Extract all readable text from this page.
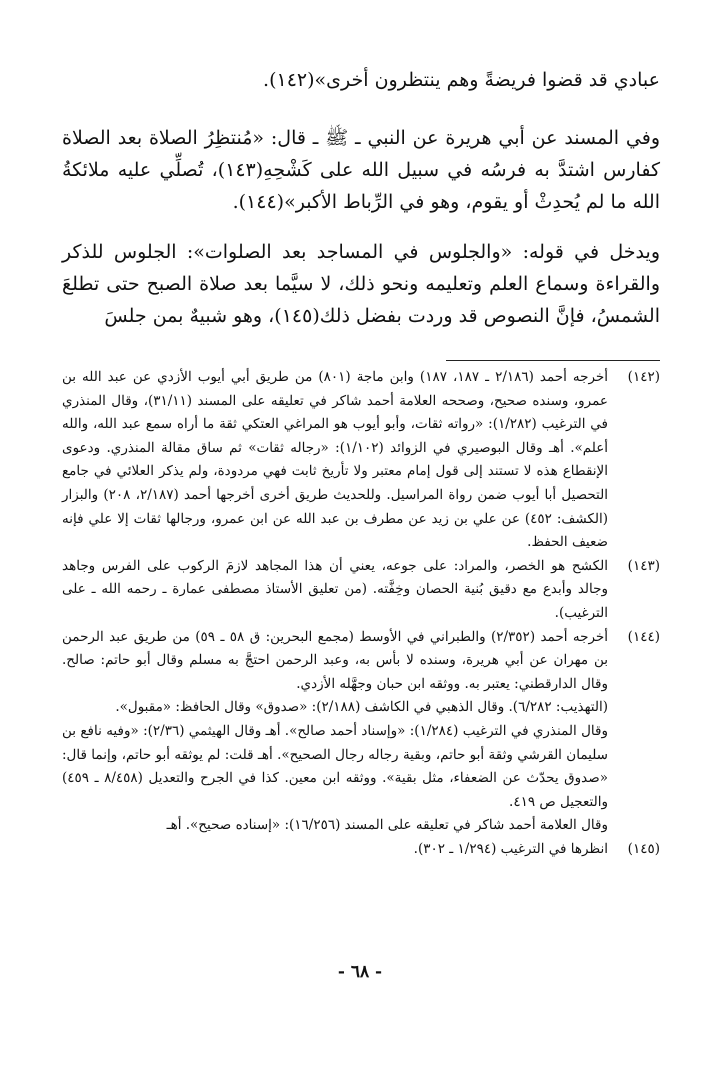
عبادي قد قضوا فريضةً وهم ينتظرون أخرى»(١٤٢).

وفي المسند عن أبي هريرة عن النبي ـ ﷺ ـ قال: «مُنتظِرُ الصلاة بعد الصلاة كفارس اشتدَّ به فرسُه في سبيل الله على كَشْحِهِ(١٤٣)، تُصلِّي عليه ملائكةُ الله ما لم يُحدِثْ أو يقوم، وهو في الرِّباط الأكبر»(١٤٤).

ويدخل في قوله: «والجلوس في المساجد بعد الصلوات»: الجلوس للذكر والقراءة وسماع العلم وتعليمه ونحو ذلك، لا سيَّما بعد صلاة الصبح حتى تطلعَ الشمسُ، فإنَّ النصوص قد وردت بفضل ذلك(١٤٥)، وهو شبيهٌ بمن جلسَ

(١٤٢)

أخرجه أحمد (٢/١٨٦ ـ ١٨٧، ١٨٧) وابن ماجة (٨٠١) من طريق أبي أيوب الأزدي عن عبد الله بن عمرو، وسنده صحيح، وصححه العلامة أحمد شاكر في تعليقه على المسند (٣١/١١)، وقال المنذري في الترغيب (١/٢٨٢): «رواته ثقات، وأبو أيوب هو المراغي العتكي ثقة ما أراه سمع عبد الله، والله أعلم». أهـ وقال البوصيري في الزوائد (١/١٠٢): «رجاله ثقات» ثم ساق مقالة المنذري. ودعوى الإنقطاع هذه لا تستند إلى قول إمام معتبر ولا تأريخ ثابت فهي مردودة، ولم يذكر العلائي في جامع التحصيل أبا أيوب ضمن رواة المراسيل. وللحديث طريق أخرى أخرجها أحمد (٢/١٨٧، ٢٠٨) والبزار (الكشف: ٤٥٢) عن علي بن زيد عن مطرف بن عبد الله عن ابن عمرو، ورجالها ثقات إلا علي فإنه ضعيف الحفظ.

(١٤٣)

الكشح هو الخصر، والمراد: على جوعه، يعني أن هذا المجاهد لازمَ الركوب على الفرس وجاهد وجالد وأبدع مع دقيق بُنية الحصان وخِفَّته. (من تعليق الأستاذ مصطفى عمارة ـ رحمه الله ـ على الترغيب).

(١٤٤)

أخرجه أحمد (٢/٣٥٢) والطبراني في الأوسط (مجمع البحرين: ق ٥٨ ـ ٥٩) من طريق عبد الرحمن بن مهران عن أبي هريرة، وسنده لا بأس به، وعبد الرحمن احتجَّ به مسلم وقال أبو حاتم: صالح. وقال الدارقطني: يعتبر به. ووثقه ابن حبان وجهَّله الأزدي.

(التهذيب: ٦/٢٨٢). وقال الذهبي في الكاشف (٢/١٨٨): «صدوق» وقال الحافظ: «مقبول».

وقال المنذري في الترغيب (١/٢٨٤): «وإسناد أحمد صالح». أهـ وقال الهيثمي (٢/٣٦): «وفيه نافع بن سليمان القرشي وثقة أبو حاتم، وبقية رجاله رجال الصحيح». أهـ قلت: لم يوثقه أبو حاتم، وإنما قال: «صدوق يحدّث عن الضعفاء، مثل بقية». ووثقه ابن معين. كذا في الجرح والتعديل (٨/٤٥٨ ـ ٤٥٩) والتعجيل ص ٤١٩.

وقال العلامة أحمد شاكر في تعليقه على المسند (١٦/٢٥٦): «إسناده صحيح». أهـ

(١٤٥)

انظرها في الترغيب (١/٢٩٤ ـ ٣٠٢).

- ٦٨ -
